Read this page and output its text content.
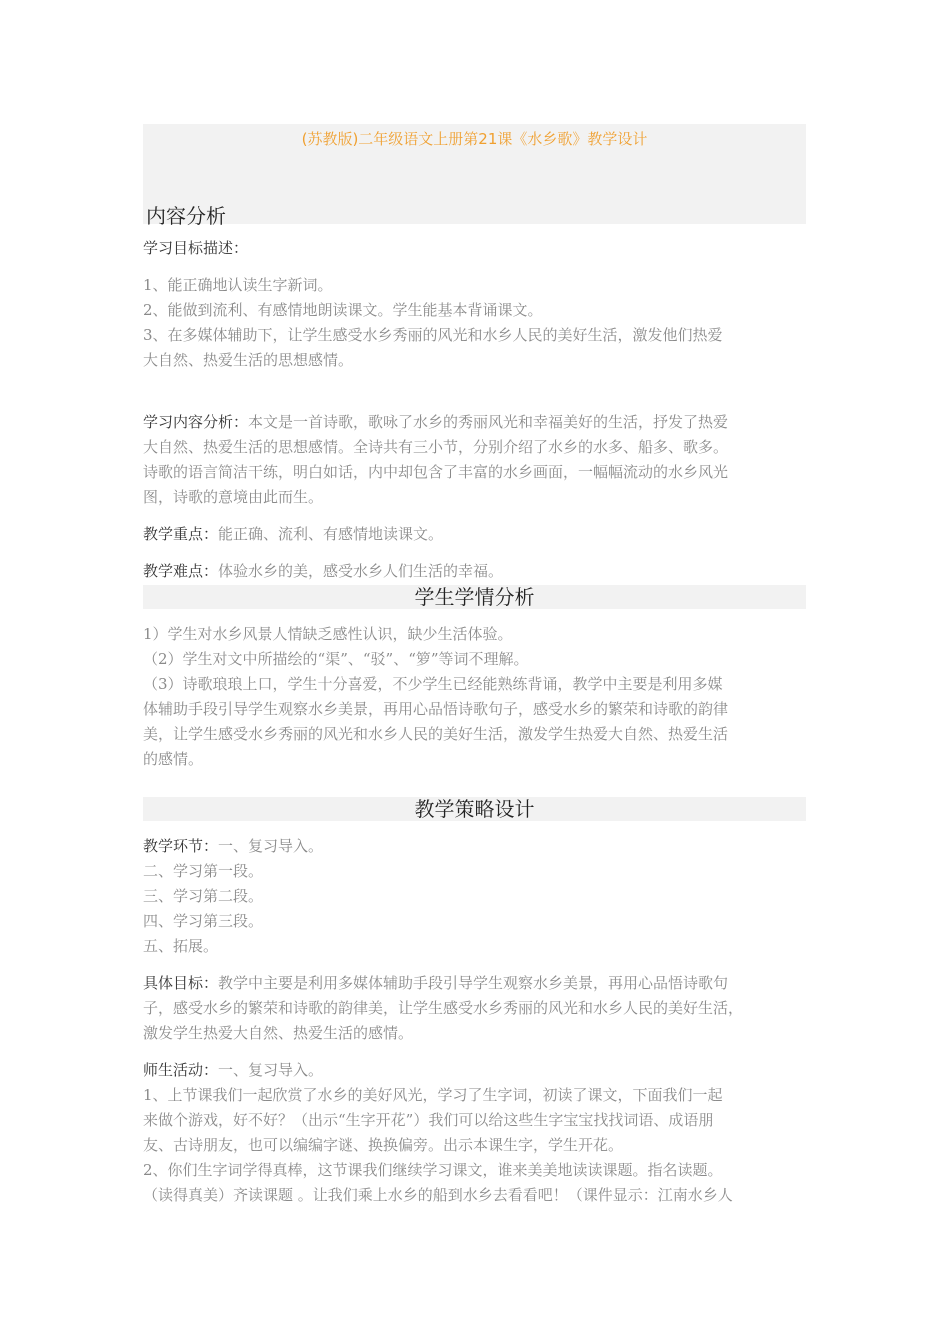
(苏教版)二年级语文上册第21课《水乡歌》教学设计
内容分析

学习目标描述：

1、能正确地认读生字新词。

2、能做到流利、有感情地朗读课文。学生能基本背诵课文。

3、在多媒体辅助下，让学生感受水乡秀丽的风光和水乡人民的美好生活，激发他们热爱

大自然、热爱生活的思想感情。

学习内容分析：本文是一首诗歌，歌咏了水乡的秀丽风光和幸福美好的生活，抒发了热爱

大自然、热爱生活的思想感情。全诗共有三小节，分别介绍了水乡的水多、船多、歌多。

诗歌的语言简洁干练，明白如话，内中却包含了丰富的水乡画面，一幅幅流动的水乡风光

图，诗歌的意境由此而生。

教学重点：能正确、流利、有感情地读课文。

教学难点：体验水乡的美，感受水乡人们生活的幸福。

学生学情分析

1）学生对水乡风景人情缺乏感性认识，缺少生活体验。

（2）学生对文中所描绘的“渠”、“驳”、“箩”等词不理解。

（3）诗歌琅琅上口，学生十分喜爱，不少学生已经能熟练背诵，教学中主要是利用多媒

体辅助手段引导学生观察水乡美景，再用心品悟诗歌句子，感受水乡的繁荣和诗歌的韵律

美，让学生感受水乡秀丽的风光和水乡人民的美好生活，激发学生热爱大自然、热爱生活

的感情。

教学策略设计

教学环节：一、复习导入。

二、学习第一段。

三、学习第二段。

四、学习第三段。

五、拓展。

具体目标：教学中主要是利用多媒体辅助手段引导学生观察水乡美景，再用心品悟诗歌句

子，感受水乡的繁荣和诗歌的韵律美，让学生感受水乡秀丽的风光和水乡人民的美好生活，

激发学生热爱大自然、热爱生活的感情。

师生活动：一、复习导入。

1、上节课我们一起欣赏了水乡的美好风光，学习了生字词，初读了课文，下面我们一起

来做个游戏，好不好？（出示“生字开花”）我们可以给这些生字宝宝找找词语、成语朋

友、古诗朋友，也可以编编字谜、换换偏旁。出示本课生字，学生开花。

2、你们生字词学得真棒，这节课我们继续学习课文，谁来美美地读读课题。指名读题。

（读得真美）齐读课题 。让我们乘上水乡的船到水乡去看看吧！（课件显示：江南水乡人
